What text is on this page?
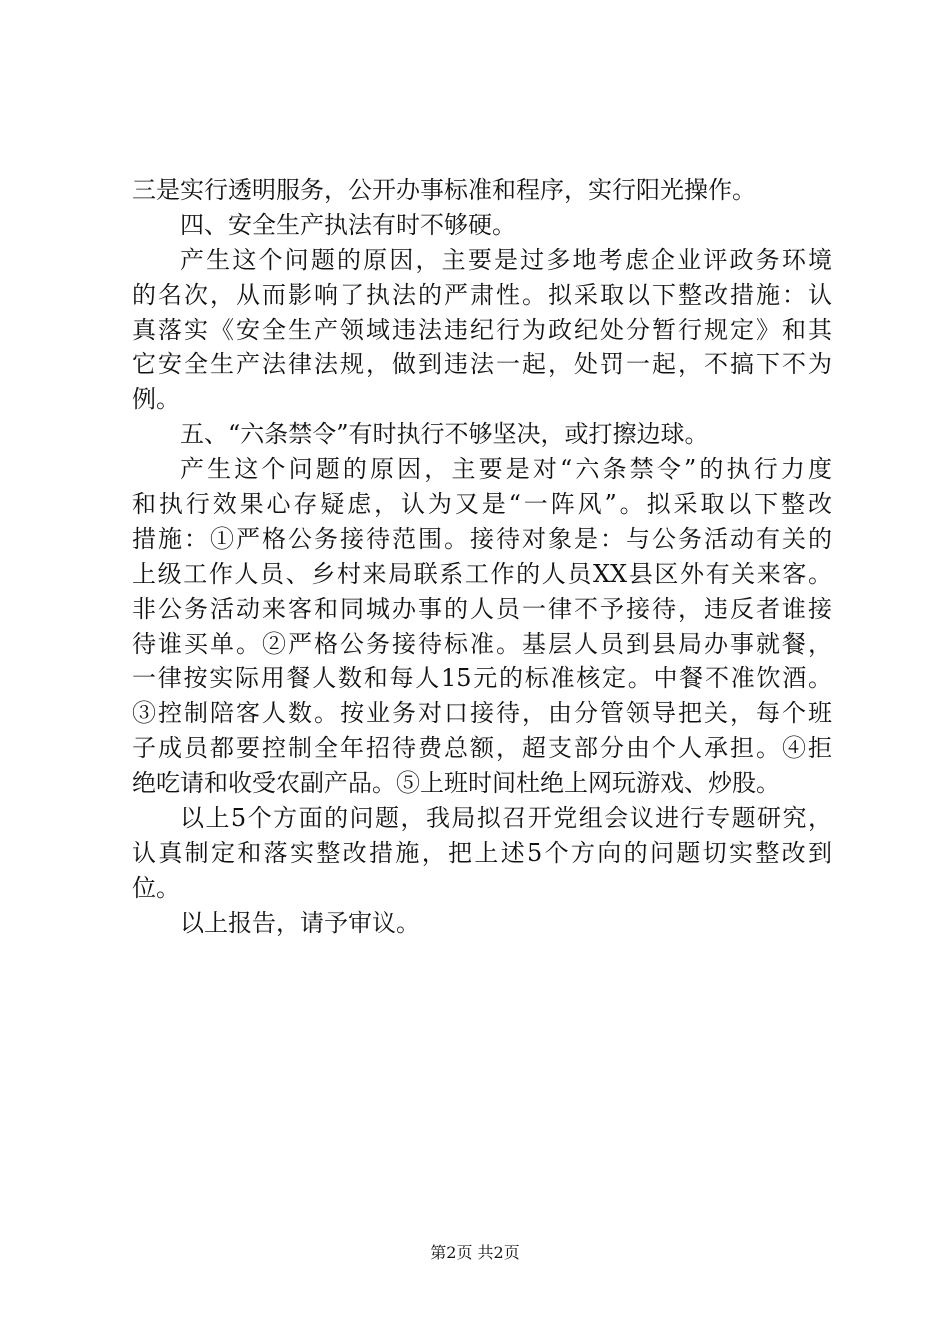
三是实行透明服务，公开办事标准和程序，实行阳光操作。
四、安全生产执法有时不够硬。
产生这个问题的原因，主要是过多地考虑企业评政务环境
的名次，从而影响了执法的严肃性。拟采取以下整改措施：认
真落实《安全生产领域违法违纪行为政纪处分暂行规定》和其
它安全生产法律法规，做到违法一起，处罚一起，不搞下不为
例。
五、“六条禁令”有时执行不够坚决，或打擦边球。
产生这个问题的原因，主要是对“六条禁令”的执行力度
和执行效果心存疑虑，认为又是“一阵风”。拟采取以下整改
措施：①严格公务接待范围。接待对象是：与公务活动有关的
上级工作人员、乡村来局联系工作的人员XX县区外有关来客。
非公务活动来客和同城办事的人员一律不予接待，违反者谁接
待谁买单。②严格公务接待标准。基层人员到县局办事就餐，
一律按实际用餐人数和每人15元的标准核定。中餐不准饮酒。
③控制陪客人数。按业务对口接待，由分管领导把关，每个班
子成员都要控制全年招待费总额，超支部分由个人承担。④拒
绝吃请和收受农副产品。⑤上班时间杜绝上网玩游戏、炒股。
以上5个方面的问题，我局拟召开党组会议进行专题研究，
认真制定和落实整改措施，把上述5个方向的问题切实整改到
位。
以上报告，请予审议。
第2页 共2页
